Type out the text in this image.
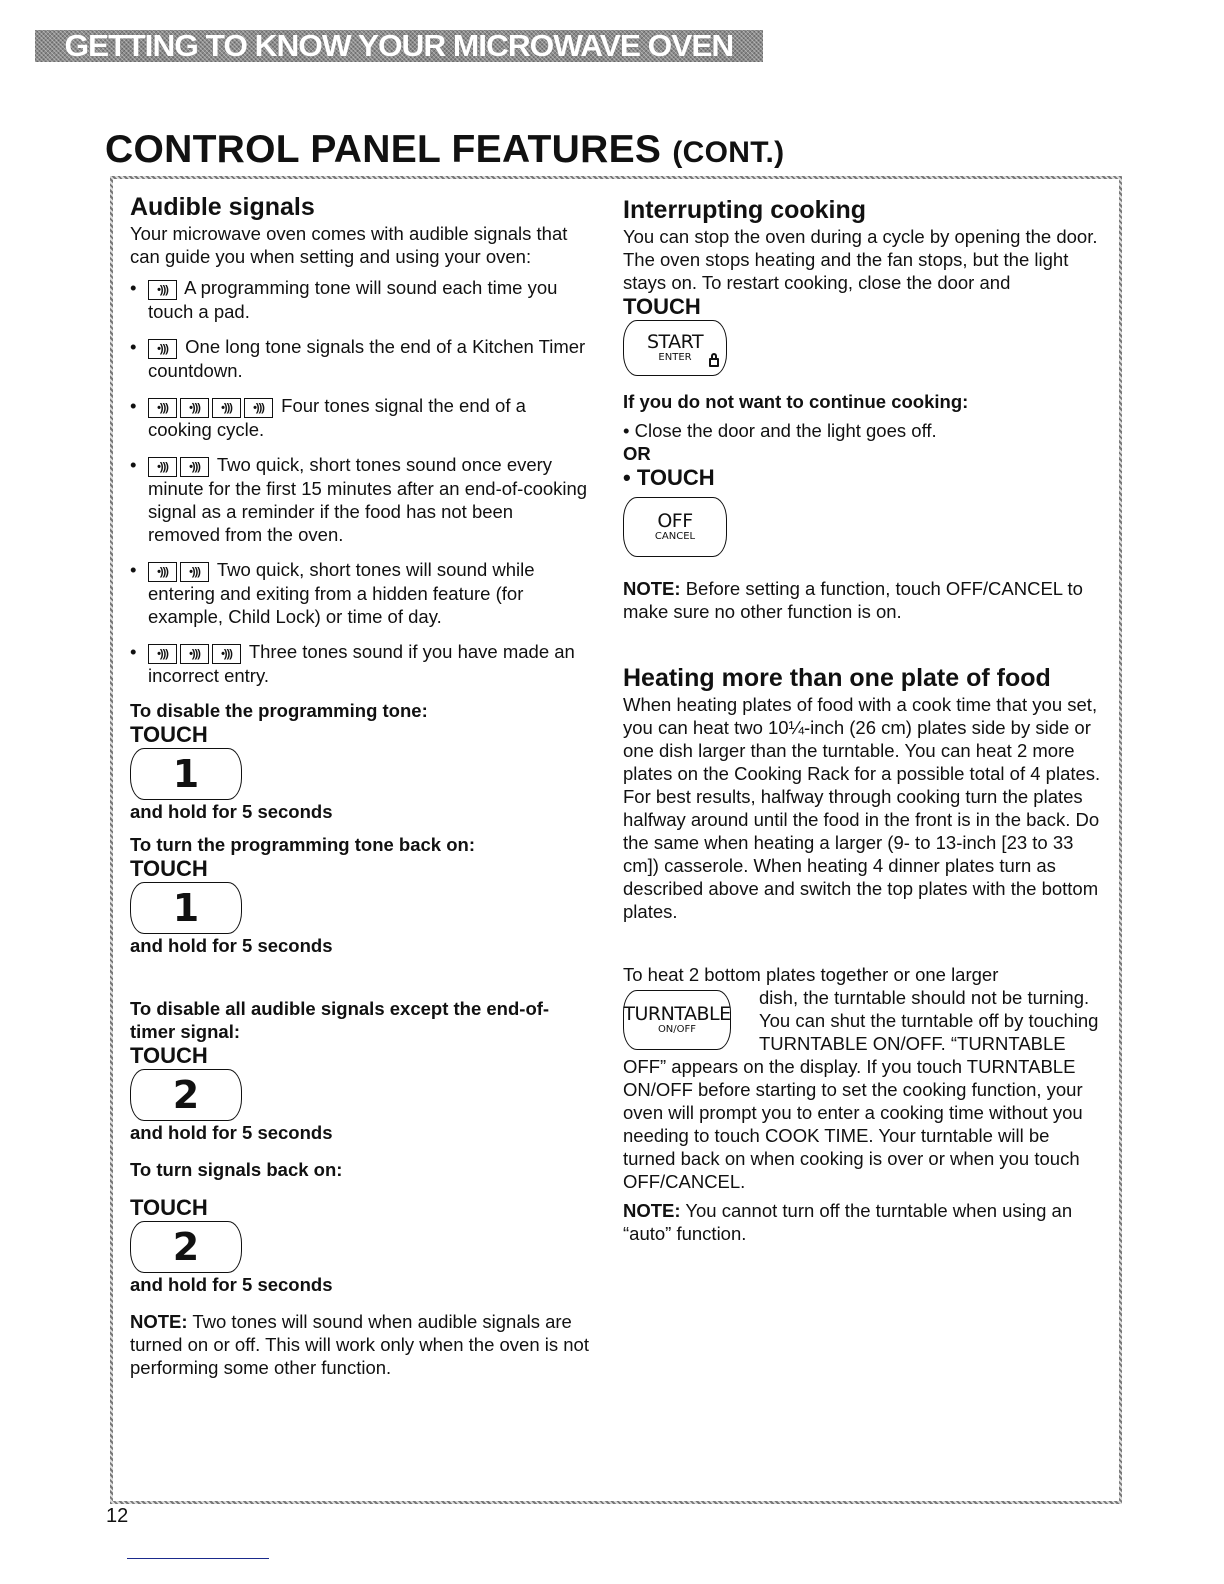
GETTING TO KNOW YOUR MICROWAVE OVEN
CONTROL PANEL FEATURES (CONT.)
Audible signals

Your microwave oven comes with audible signals that can guide you when setting and using your oven:

• •))) A programming tone will sound each time you touch a pad.
• •))) One long tone signals the end of a Kitchen Timer countdown.
• •))) •))) •))) •))) Four tones signal the end of a cooking cycle.
• •))) •))) Two quick, short tones sound once every minute for the first 15 minutes after an end-of-cooking signal as a reminder if the food has not been removed from the oven.
• •))) •))) Two quick, short tones will sound while entering and exiting from a hidden feature (for example, Child Lock) or time of day.
• •))) •))) •))) Three tones sound if you have made an incorrect entry.

To disable the programming tone:

TOUCH
1

and hold for 5 seconds

To turn the programming tone back on:

TOUCH
1

and hold for 5 seconds

To disable all audible signals except the end-of-timer signal:

TOUCH
2

and hold for 5 seconds

To turn signals back on:

TOUCH
2

and hold for 5 seconds

NOTE: Two tones will sound when audible signals are turned on or off. This will work only when the oven is not performing some other function.

Interrupting cooking

You can stop the oven during a cycle by opening the door. The oven stops heating and the fan stops, but the light stays on. To restart cooking, close the door and

TOUCH
START
ENTER

If you do not want to continue cooking:

• Close the door and the light goes off.

OR

• TOUCH
OFF
CANCEL

NOTE: Before setting a function, touch OFF/CANCEL to make sure no other function is on.

Heating more than one plate of food

When heating plates of food with a cook time that you set, you can heat two 10¼-inch (26 cm) plates side by side or one dish larger than the turntable. You can heat 2 more plates on the Cooking Rack for a possible total of 4 plates. For best results, halfway through cooking turn the plates halfway around until the food in the front is in the back. Do the same when heating a larger (9- to 13-inch [23 to 33 cm]) casserole. When heating 4 dinner plates turn as described above and switch the top plates with the bottom plates.

To heat 2 bottom plates together or one larger

TURNTABLE
ON/OFF

dish, the turntable should not be turning. You can shut the turntable off by touching TURNTABLE ON/OFF. “TURNTABLE OFF” appears on the display. If you touch TURNTABLE ON/OFF before starting to set the cooking function, your oven will prompt you to enter a cooking time without you needing to touch COOK TIME. Your turntable will be turned back on when cooking is over or when you touch OFF/CANCEL.

NOTE: You cannot turn off the turntable when using an “auto” function.

12
